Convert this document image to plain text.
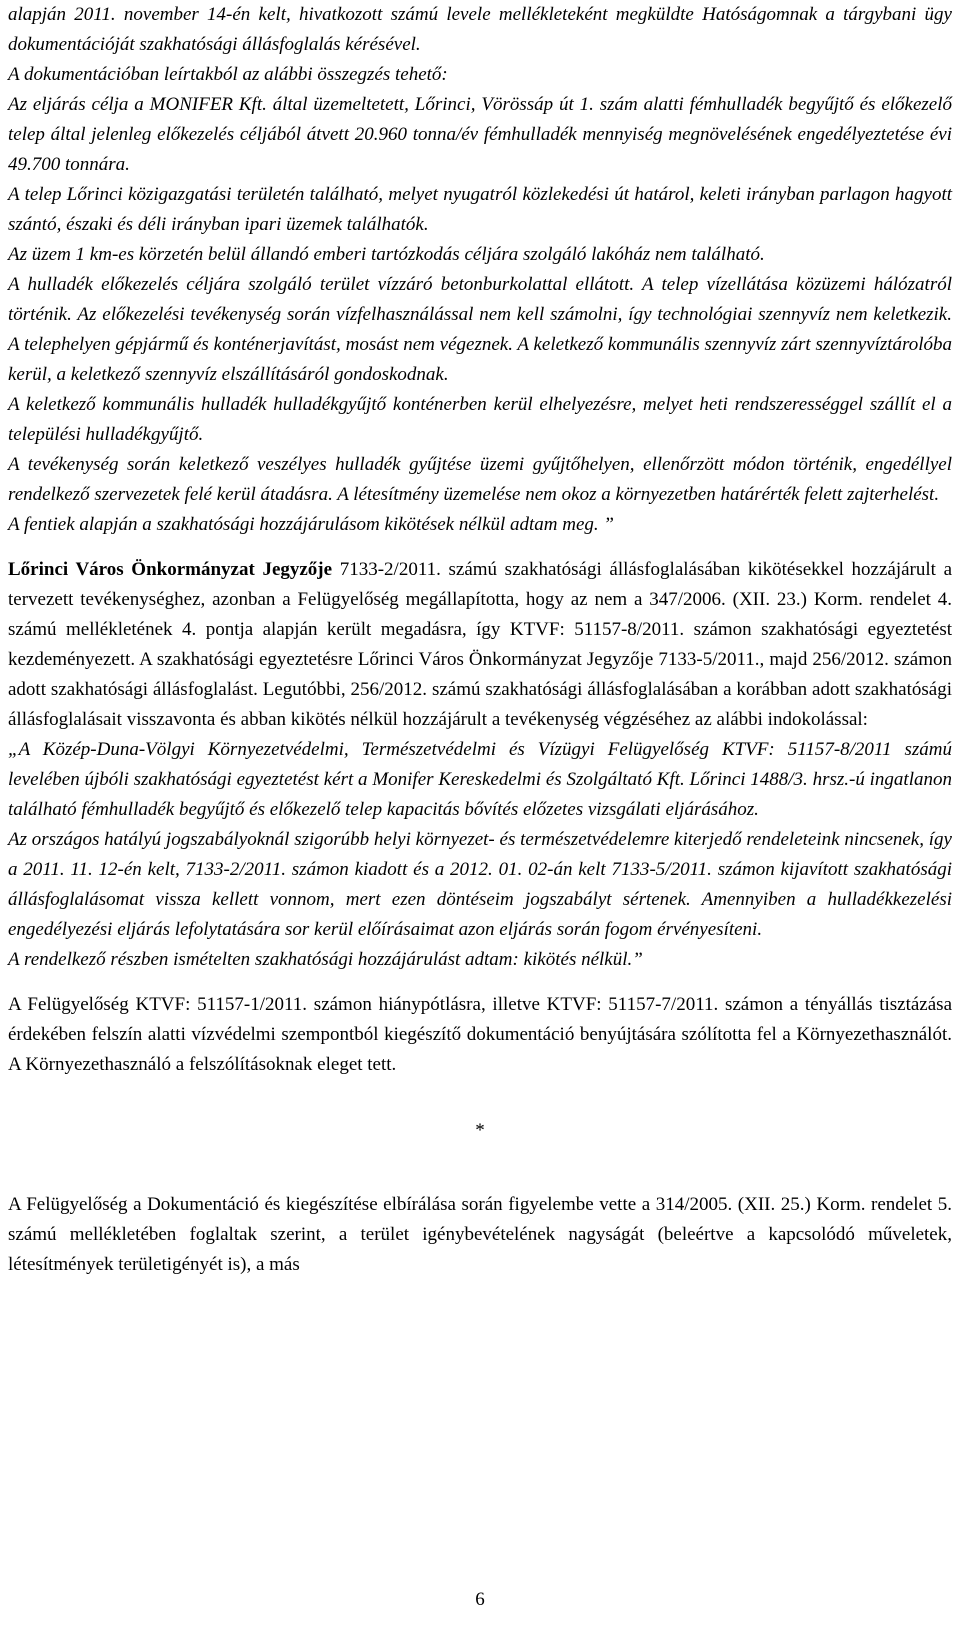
alapján 2011. november 14-én kelt, hivatkozott számú levele mellékleteként megküldte Hatóságomnak a tárgybani ügy dokumentációját szakhatósági állásfoglalás kérésével.

A dokumentációban leírtakból az alábbi összegzés tehető:

Az eljárás célja a MONIFER Kft. által üzemeltetett, Lőrinci, Vörössáp út 1. szám alatti fémhulladék begyűjtő és előkezelő telep által jelenleg előkezelés céljából átvett 20.960 tonna/év fémhulladék mennyiség megnövelésének engedélyeztetése évi 49.700 tonnára.

A telep Lőrinci közigazgatási területén található, melyet nyugatról közlekedési út határol, keleti irányban parlagon hagyott szántó, északi és déli irányban ipari üzemek találhatók.

Az üzem 1 km-es körzetén belül állandó emberi tartózkodás céljára szolgáló lakóház nem található.

A hulladék előkezelés céljára szolgáló terület vízzáró betonburkolattal ellátott. A telep vízellátása közüzemi hálózatról történik. Az előkezelési tevékenység során vízfelhasználással nem kell számolni, így technológiai szennyvíz nem keletkezik. A telephelyen gépjármű és konténerjavítást, mosást nem végeznek. A keletkező kommunális szennyvíz zárt szennyvíztárolóba kerül, a keletkező szennyvíz elszállításáról gondoskodnak.

A keletkező kommunális hulladék hulladékgyűjtő konténerben kerül elhelyezésre, melyet heti rendszerességgel szállít el a települési hulladékgyűjtő.

A tevékenység során keletkező veszélyes hulladék gyűjtése üzemi gyűjtőhelyen, ellenőrzött módon történik, engedéllyel rendelkező szervezetek felé kerül átadásra. A létesítmény üzemelése nem okoz a környezetben határérték felett zajterhelést.

A fentiek alapján a szakhatósági hozzájárulásom kikötések nélkül adtam meg. ”

Lőrinci Város Önkormányzat Jegyzője 7133-2/2011. számú szakhatósági állásfoglalásában kikötésekkel hozzájárult a tervezett tevékenységhez, azonban a Felügyelőség megállapította, hogy az nem a 347/2006. (XII. 23.) Korm. rendelet 4. számú mellékletének 4. pontja alapján került megadásra, így KTVF: 51157-8/2011. számon szakhatósági egyeztetést kezdeményezett. A szakhatósági egyeztetésre Lőrinci Város Önkormányzat Jegyzője 7133-5/2011., majd 256/2012. számon adott szakhatósági állásfoglalást. Legutóbbi, 256/2012. számú szakhatósági állásfoglalásában a korábban adott szakhatósági állásfoglalásait visszavonta és abban kikötés nélkül hozzájárult a tevékenység végzéséhez az alábbi indokolással:

„A Közép-Duna-Völgyi Környezetvédelmi, Természetvédelmi és Vízügyi Felügyelőség KTVF: 51157-8/2011 számú levelében újbóli szakhatósági egyeztetést kért a Monifer Kereskedelmi és Szolgáltató Kft. Lőrinci 1488/3. hrsz.-ú ingatlanon található fémhulladék begyűjtő és előkezelő telep kapacitás bővítés előzetes vizsgálati eljárásához.

Az országos hatályú jogszabályoknál szigorúbb helyi környezet- és természetvédelemre kiterjedő rendeleteink nincsenek, így a 2011. 11. 12-én kelt, 7133-2/2011. számon kiadott és a 2012. 01. 02-án kelt 7133-5/2011. számon kijavított szakhatósági állásfoglalásomat vissza kellett vonnom, mert ezen döntéseim jogszabályt sértenek. Amennyiben a hulladékkezelési engedélyezési eljárás lefolytatására sor kerül előírásaimat azon eljárás során fogom érvényesíteni.

A rendelkező részben ismételten szakhatósági hozzájárulást adtam: kikötés nélkül.”

A Felügyelőség KTVF: 51157-1/2011. számon hiánypótlásra, illetve KTVF: 51157-7/2011. számon a tényállás tisztázása érdekében felszín alatti vízvédelmi szempontból kiegészítő dokumentáció benyújtására szólította fel a Környezethasználót. A Környezethasználó a felszólításoknak eleget tett.

*

A Felügyelőség a Dokumentáció és kiegészítése elbírálása során figyelembe vette a 314/2005. (XII. 25.) Korm. rendelet 5. számú mellékletében foglaltak szerint, a terület igénybevételének nagyságát (beleértve a kapcsolódó műveletek, létesítmények területigényét is), a más

6
